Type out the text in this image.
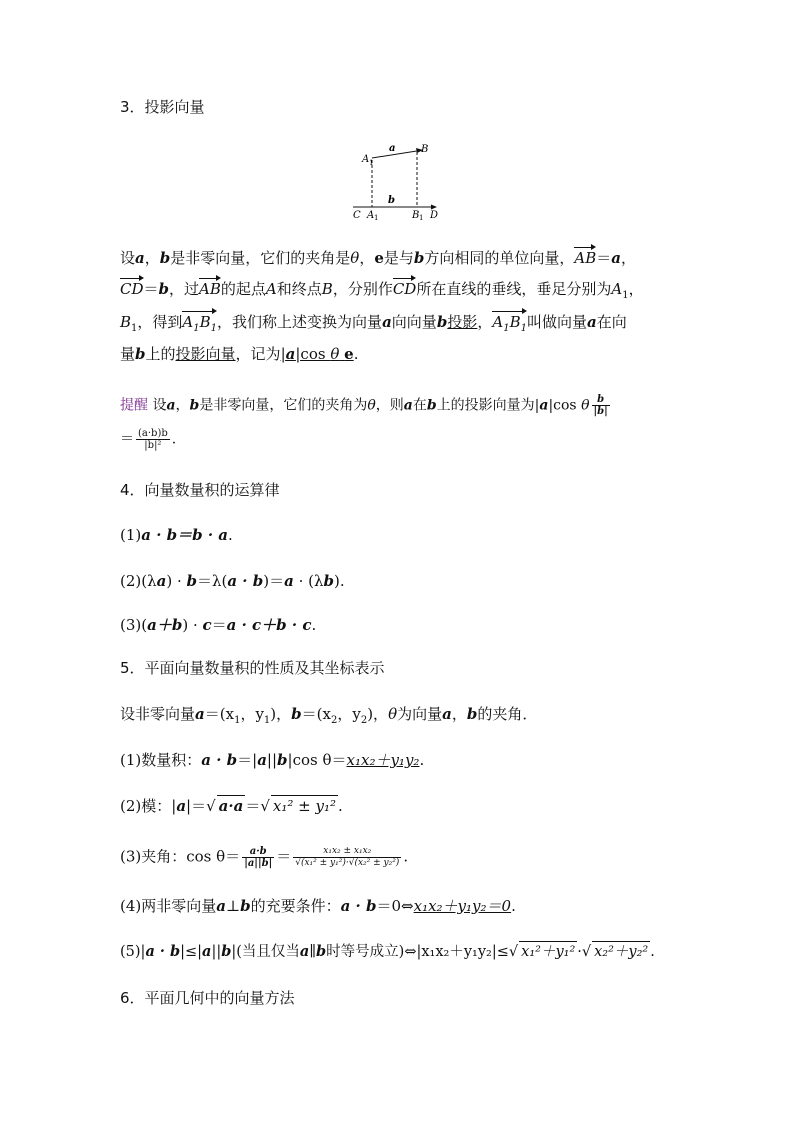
3．投影向量
A 1
a	B
b
C A 1	B 1 D
设a，b是非零向量，它们的夹角是θ，e是与b方向相同的单位向量，AB＝a，
CD＝b，过AB的起点A和终点B，分别作CD所在直线的垂线，垂足分别为$A_1$，
$B_1$，得到$A_1B_1$，我们称上述变换为向量a向向量b投影，$A_1B_1$叫做向量a在向
量b上的投影向量，记为|a|cos θ e.
提醒 设a，b是非零向量，它们的夹角为θ，则a在b上的投影向量为|a|cos θ $\frac{b}{|b|}$
＝ $\frac{(a\cdot b)b}{\text{|b|²}}$ .
4．向量数量积的运算律
(1)a · b＝b · a.
(2)(λa) · b＝λ(a · b)＝a · (λb).
(3)(a＋b) · c＝a · c＋b · c.
5．平面向量数量积的性质及其坐标表示
设非零向量$a=(x_1$，$y_1$)，$b=(x_2$，$y_2$)，θ为向量a，b的夹角．
(1)数量积：a · b＝|a||b|cos θ＝x₁x₂＋y₁y₂.
(2)模：|a|＝√ a·a ＝√ x₁² ± y₁² .
(3)夹角：$\cos \theta= \frac{a\cdot b}{|a||b|} = \frac{\text{x₁x₂ ± x₁x₂}}{\text{√(x₁² ± y₁²)·√(x₂² ± y₂²)}}$ .
(4)两非零向量a⊥b的充要条件：a · b＝0⇔x₁x₂＋y₁y₂＝0.
(5)|a · b|≤|a||b|(当且仅当a∥b时等号成立)⇔|x₁x₂＋y₁y₂|≤√ x₁²＋y₁² ·√ x₂²＋y₂² .
6．平面几何中的向量方法
